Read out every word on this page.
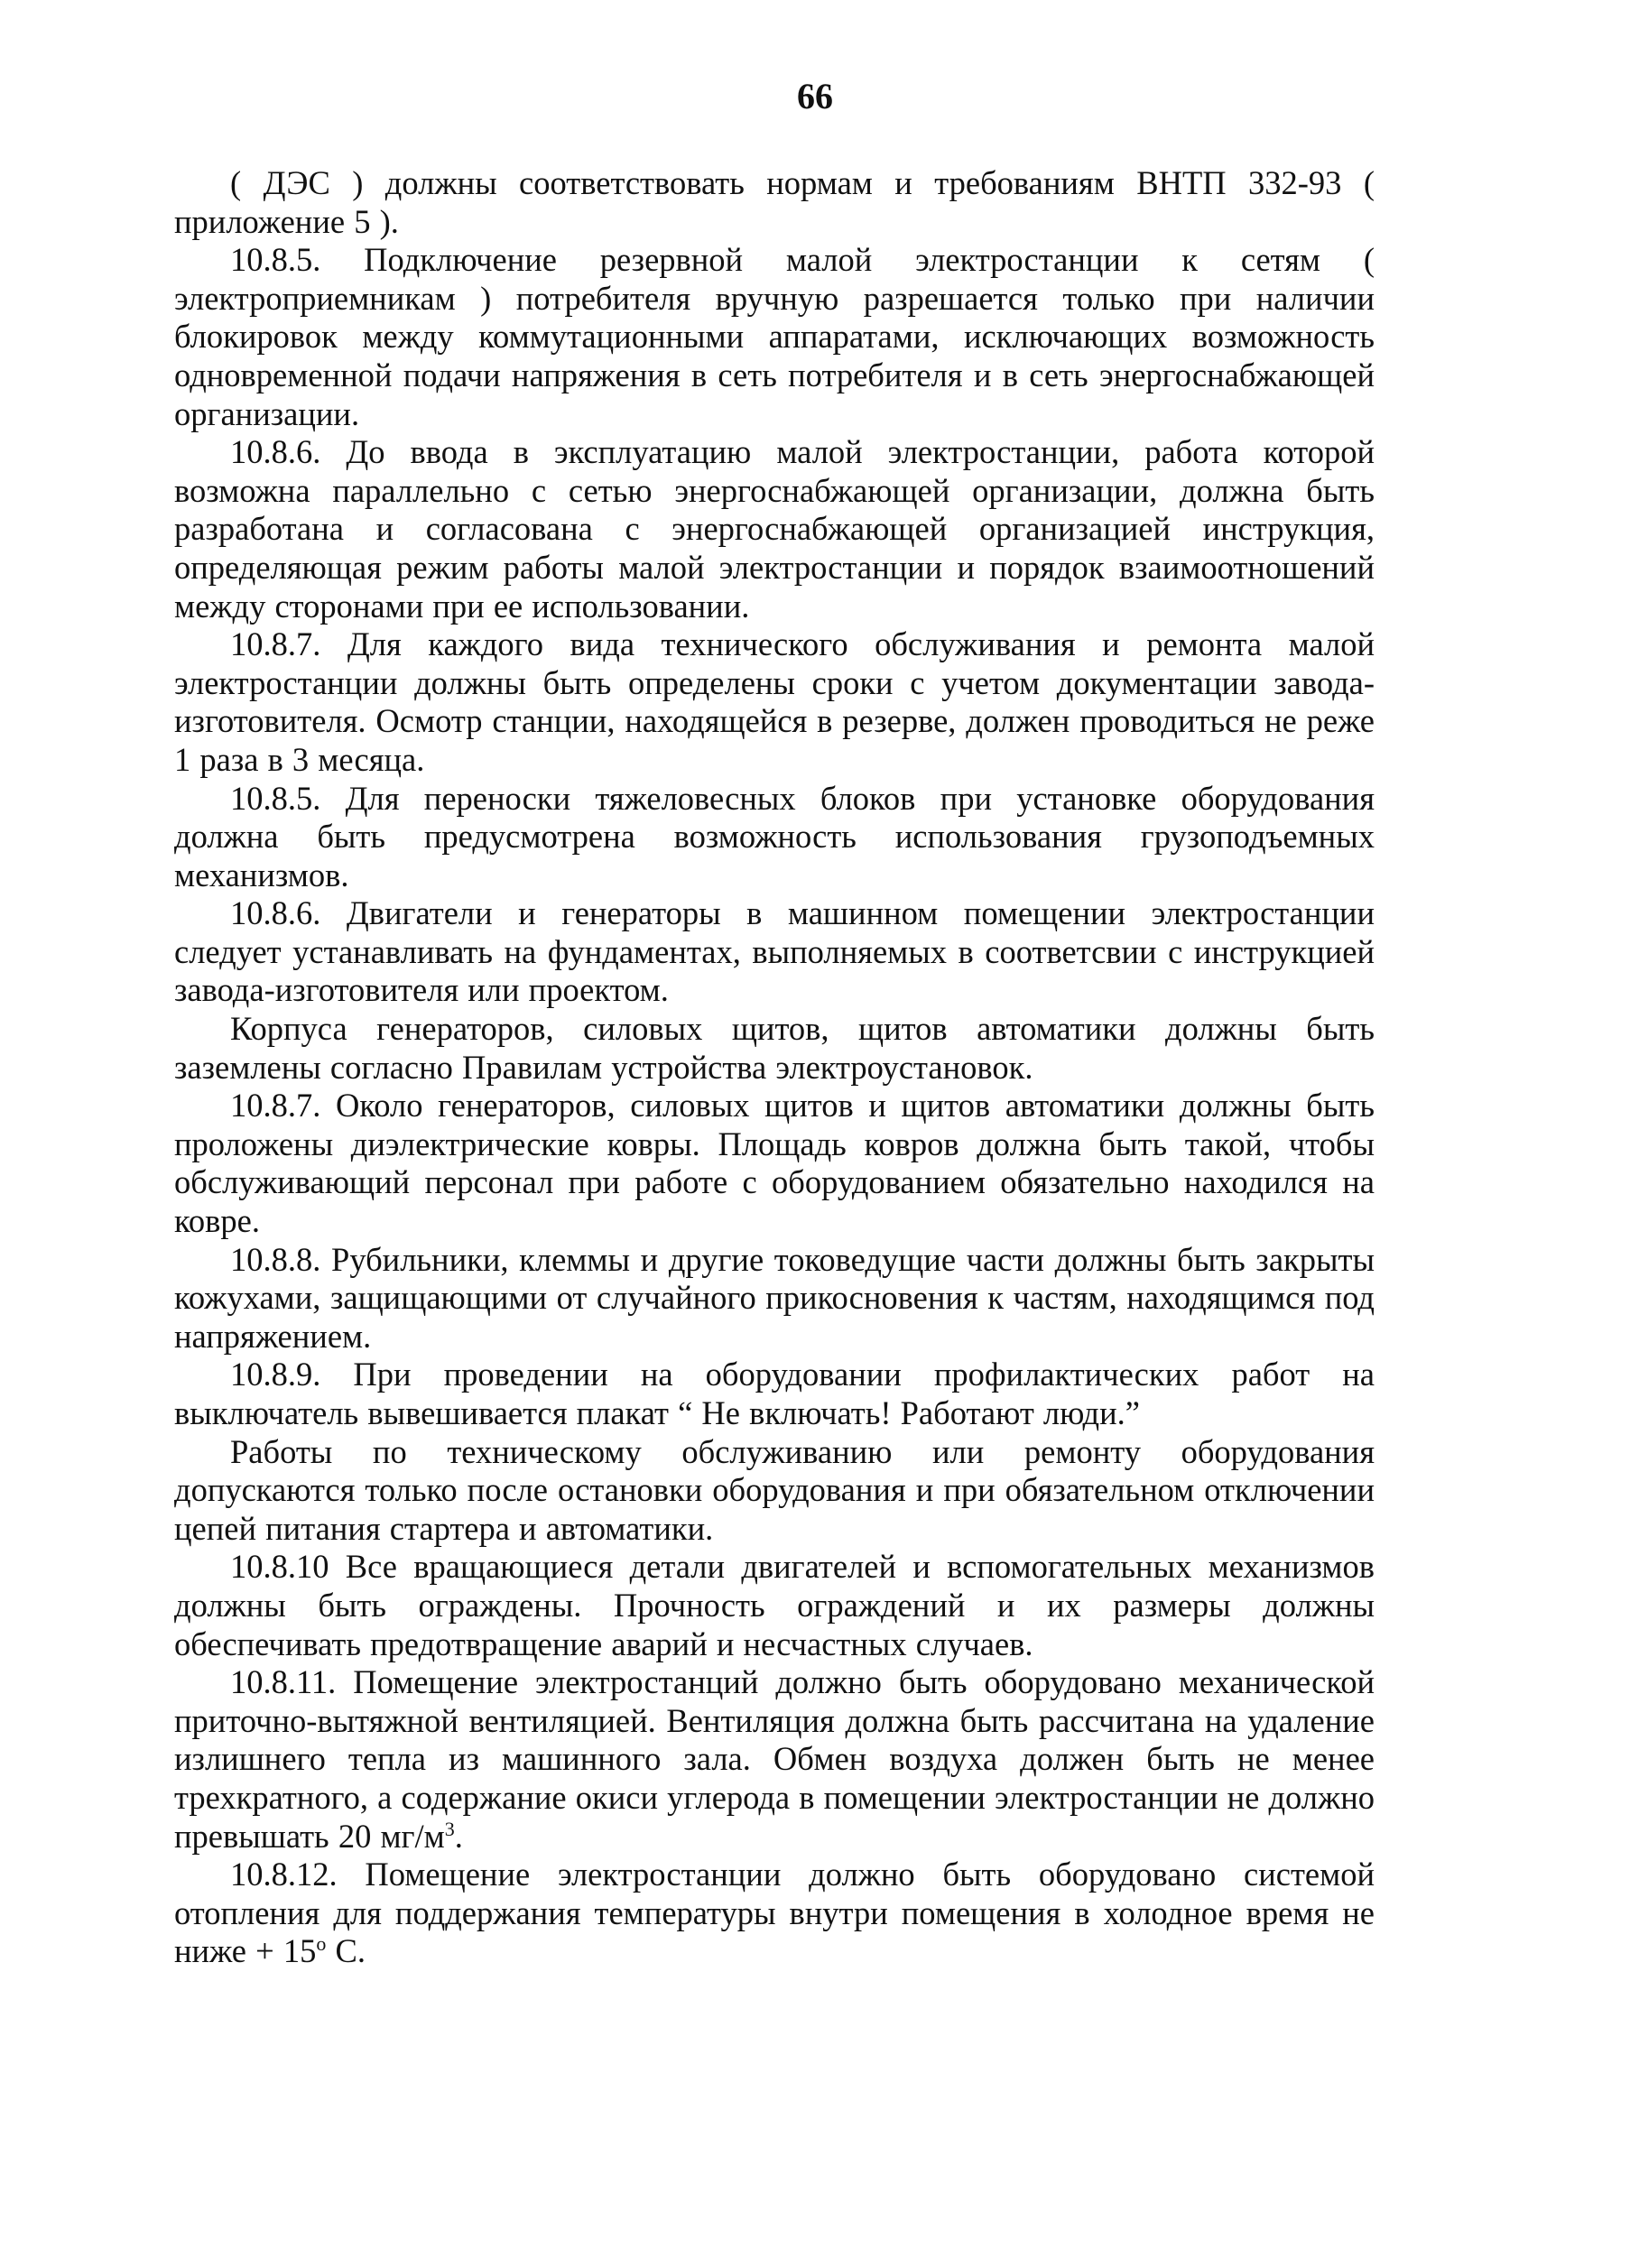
66

( ДЭС ) должны соответствовать нормам и требованиям ВНТП 332-93 ( приложение 5 ).

10.8.5. Подключение резервной малой электростанции к сетям ( электроприемникам ) потребителя вручную разрешается только при наличии блокировок между коммутационными аппаратами, исключающих возможность одновременной подачи напряжения в сеть потребителя и в сеть энергоснабжающей организации.

10.8.6. До ввода в эксплуатацию малой электростанции, работа которой возможна параллельно с сетью энергоснабжающей организации, должна быть разработана и согласована с энергоснабжающей организацией инструкция, определяющая режим работы малой электростанции и порядок взаимоотношений между сторонами при ее использовании.

10.8.7. Для каждого вида технического обслуживания и ремонта малой электростанции должны быть определены сроки с учетом документации завода-изготовителя. Осмотр станции, находящейся в резерве, должен проводиться не реже 1 раза в 3 месяца.

10.8.5. Для переноски тяжеловесных блоков при установке оборудования должна быть предусмотрена возможность использования грузоподъемных механизмов.

10.8.6. Двигатели и генераторы в машинном помещении электростанции следует устанавливать на фундаментах, выполняемых в соответсвии с инструкцией завода-изготовителя или проектом.

Корпуса генераторов, силовых щитов, щитов автоматики должны быть заземлены согласно Правилам устройства электроустановок.

10.8.7. Около генераторов, силовых щитов и щитов автоматики должны быть проложены диэлектрические ковры. Площадь ковров должна быть такой, чтобы обслуживающий персонал при работе с оборудованием обязательно находился на ковре.

10.8.8. Рубильники, клеммы и другие токоведущие части должны быть закрыты кожухами, защищающими от случайного прикосновения к частям, находящимся под напряжением.

10.8.9. При проведении на оборудовании профилактических работ на выключатель вывешивается плакат “ Не включать! Работают люди.”

Работы по техническому обслуживанию или ремонту оборудования допускаются только после остановки оборудования и при обязательном отключении цепей питания стартера и автоматики.

10.8.10 Все вращающиеся детали двигателей и вспомогательных механизмов должны быть ограждены. Прочность ограждений и их размеры должны обеспечивать предотвращение аварий и несчастных случаев.

10.8.11. Помещение электростанций должно быть оборудовано механической приточно-вытяжной вентиляцией. Вентиляция должна быть рассчитана на удаление излишнего тепла из машинного зала. Обмен воздуха должен быть не менее трехкратного, а содержание окиси углерода в помещении электростанции не должно превышать 20 $мг/м^3$.

10.8.12. Помещение электростанции должно быть оборудовано системой отопления для поддержания температуры внутри помещения в холодное время не ниже + $15^о$ С.
